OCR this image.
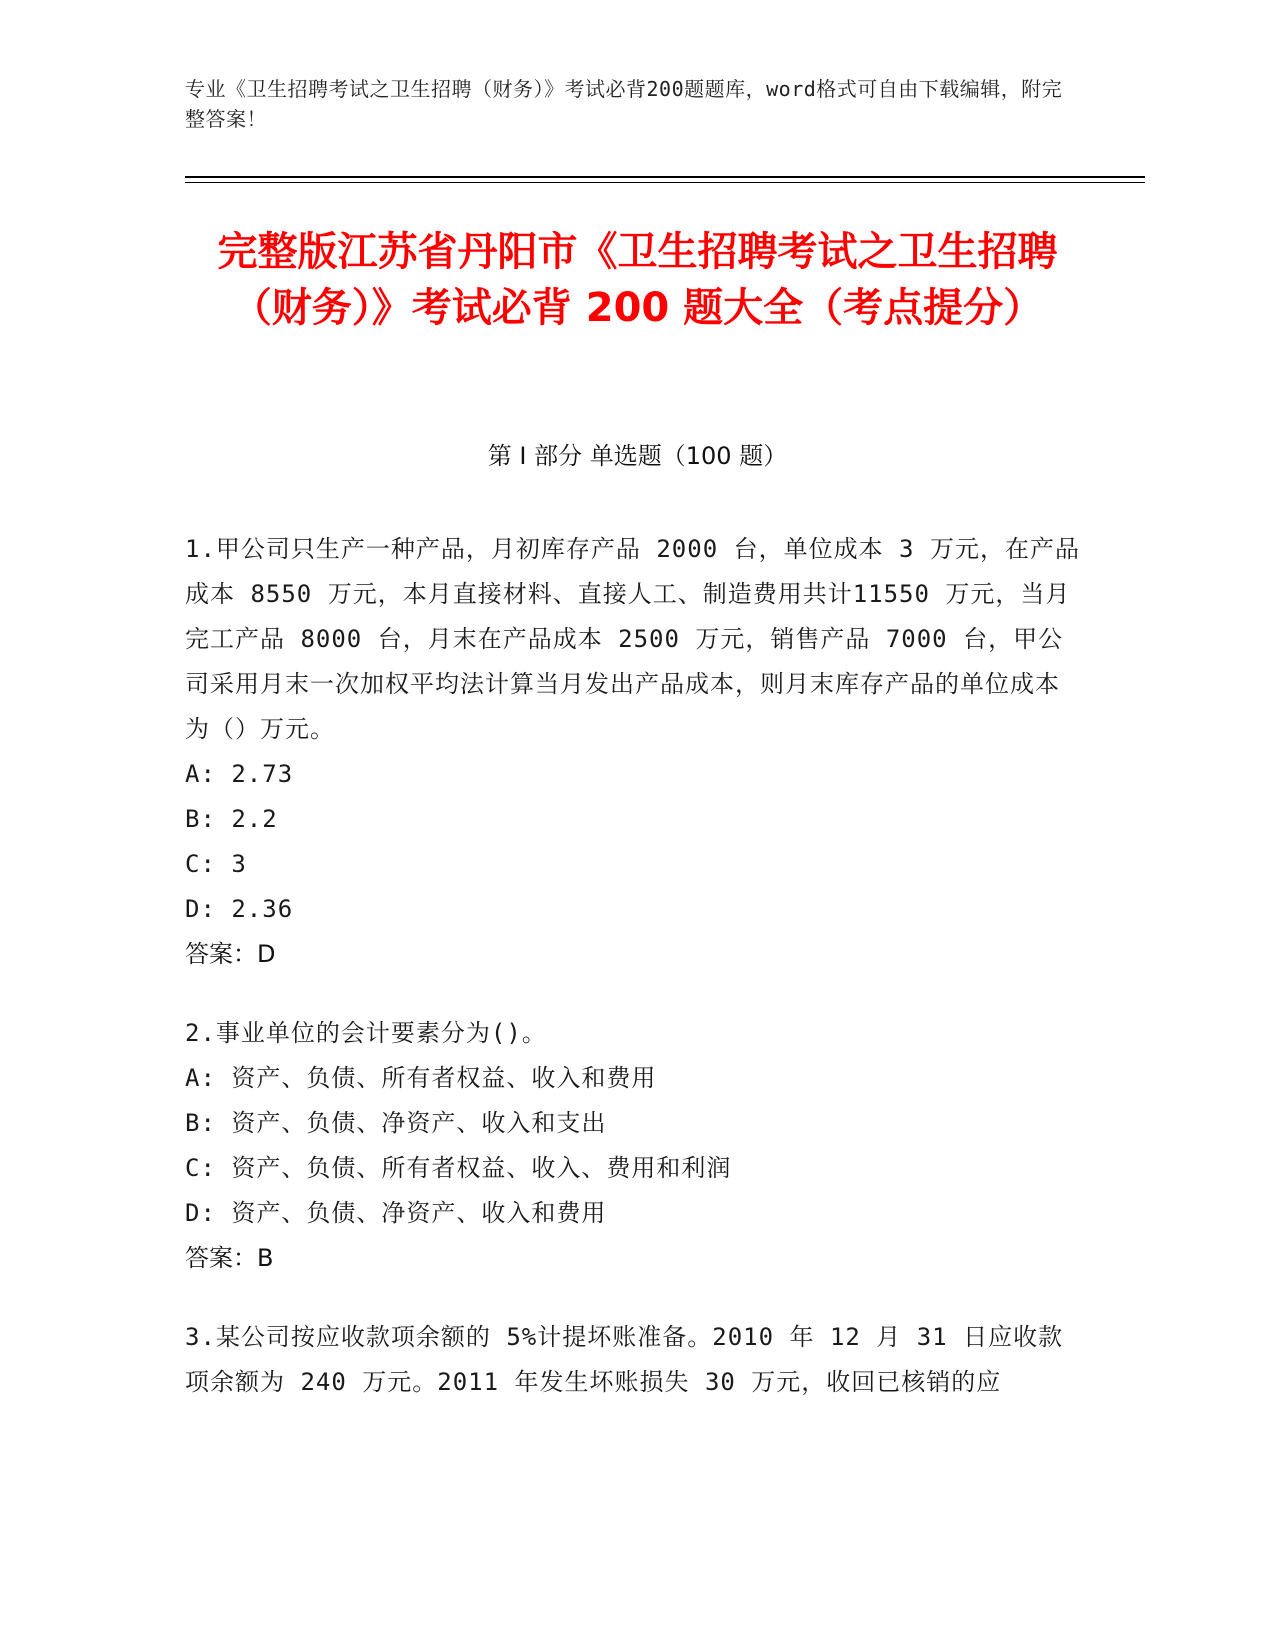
专业《卫生招聘考试之卫生招聘（财务）》考试必背200题题库，word格式可自由下载编辑，附完整答案！
完整版江苏省丹阳市《卫生招聘考试之卫生招聘（财务）》考试必背 200 题大全（考点提分）
第 I 部分 单选题（100 题）

1.甲公司只生产一种产品，月初库存产品 2000 台，单位成本 3 万元，在产品成本 8550 万元，本月直接材料、直接人工、制造费用共计11550 万元，当月完工产品 8000 台，月末在产品成本 2500 万元，销售产品 7000 台，甲公司采用月末一次加权平均法计算当月发出产品成本，则月末库存产品的单位成本为（）万元。

A: 2.73

B: 2.2

C: 3

D: 2.36

答案：D

2.事业单位的会计要素分为()。

A: 资产、负债、所有者权益、收入和费用

B: 资产、负债、净资产、收入和支出

C: 资产、负债、所有者权益、收入、费用和利润

D: 资产、负债、净资产、收入和费用

答案：B

3.某公司按应收款项余额的 5%计提坏账准备。2010 年 12 月 31 日应收款项余额为 240 万元。2011 年发生坏账损失 30 万元，收回已核销的应
